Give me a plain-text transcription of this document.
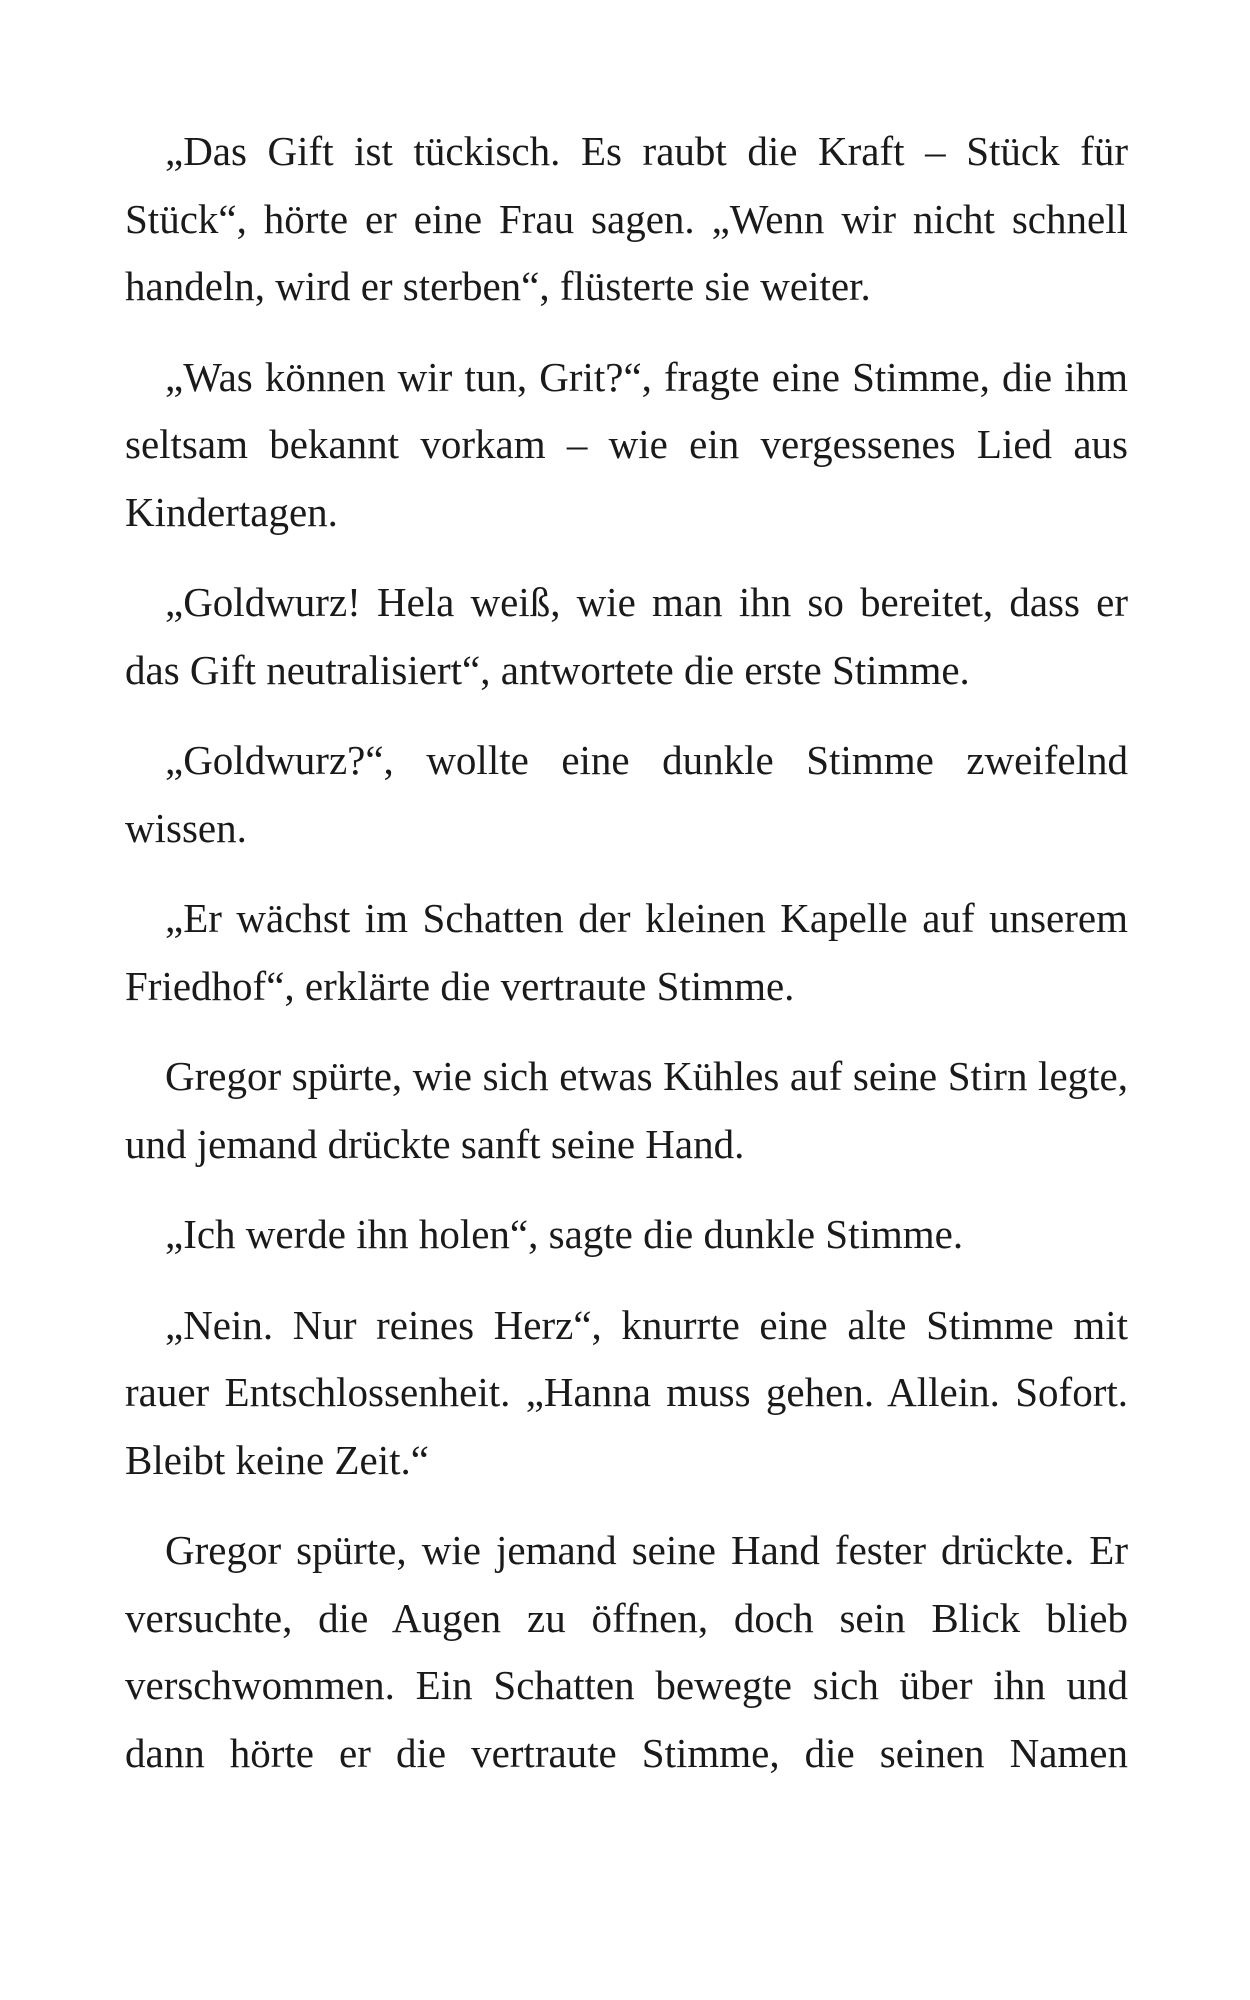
„Das Gift ist tückisch. Es raubt die Kraft – Stück für Stück“, hörte er eine Frau sagen. „Wenn wir nicht schnell handeln, wird er sterben“, flüsterte sie weiter.

„Was können wir tun, Grit?“, fragte eine Stimme, die ihm seltsam bekannt vorkam – wie ein vergessenes Lied aus Kindertagen.

„Goldwurz! Hela weiß, wie man ihn so bereitet, dass er das Gift neutralisiert“, antwortete die erste Stimme.

„Goldwurz?“, wollte eine dunkle Stimme zweifelnd wissen.

„Er wächst im Schatten der kleinen Kapelle auf unserem Friedhof“, erklärte die vertraute Stimme.

Gregor spürte, wie sich etwas Kühles auf seine Stirn legte, und jemand drückte sanft seine Hand.

„Ich werde ihn holen“, sagte die dunkle Stimme.

„Nein. Nur reines Herz“, knurrte eine alte Stimme mit rauer Entschlossenheit. „Hanna muss gehen. Allein. Sofort. Bleibt keine Zeit.“

Gregor spürte, wie jemand seine Hand fester drückte. Er versuchte, die Augen zu öffnen, doch sein Blick blieb verschwommen. Ein Schatten bewegte sich über ihn und dann hörte er die vertraute Stimme, die seinen Namen
